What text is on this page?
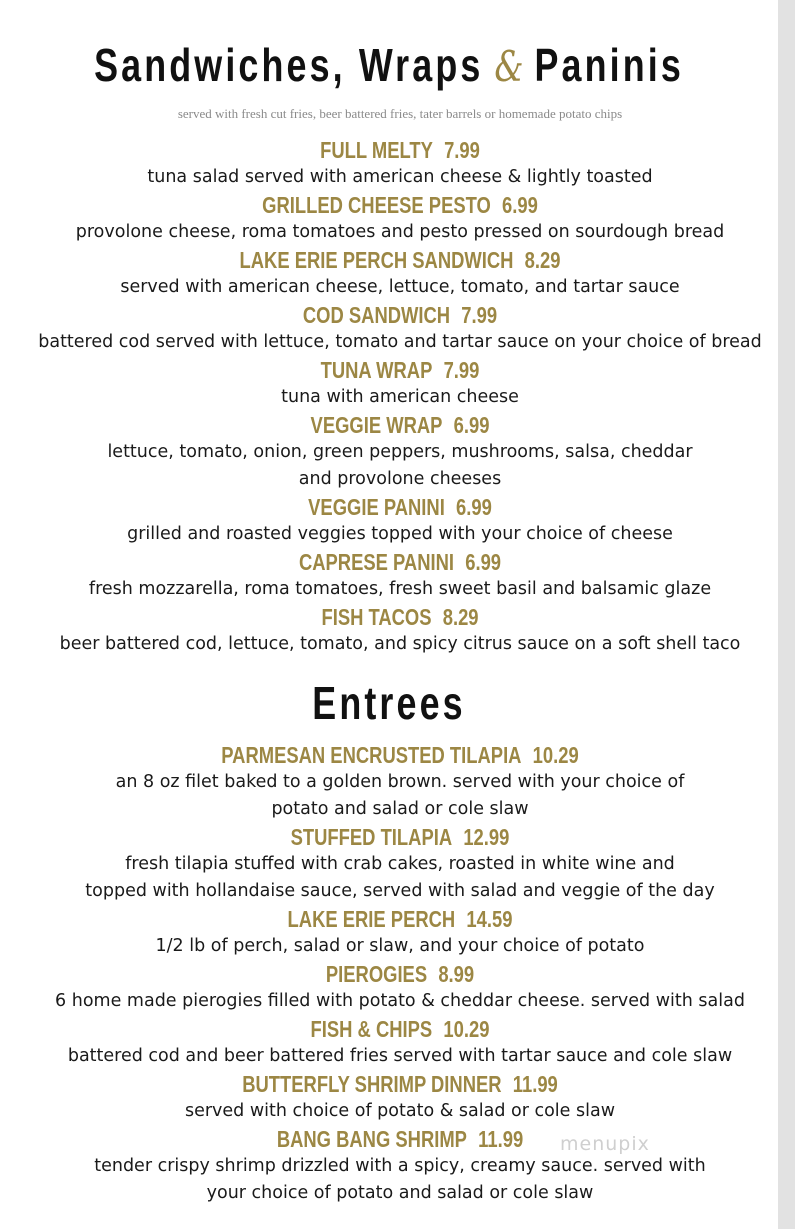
Sandwiches, Wraps & Paninis

served with fresh cut fries, beer battered fries, tater barrels or homemade potato chips

FULL MELTY 7.99

tuna salad served with american cheese & lightly toasted

GRILLED CHEESE PESTO 6.99

provolone cheese, roma tomatoes and pesto pressed on sourdough bread

LAKE ERIE PERCH SANDWICH 8.29

served with american cheese, lettuce, tomato, and tartar sauce

COD SANDWICH 7.99

battered cod served with lettuce, tomato and tartar sauce on your choice of bread

TUNA WRAP 7.99

tuna with american cheese

VEGGIE WRAP 6.99

lettuce, tomato, onion, green peppers, mushrooms, salsa, cheddar
and provolone cheeses

VEGGIE PANINI 6.99

grilled and roasted veggies topped with your choice of cheese

CAPRESE PANINI 6.99

fresh mozzarella, roma tomatoes, fresh sweet basil and balsamic glaze

FISH TACOS 8.29

beer battered cod, lettuce, tomato, and spicy citrus sauce on a soft shell taco

Entrees

PARMESAN ENCRUSTED TILAPIA 10.29

an 8 oz filet baked to a golden brown. served with your choice of
potato and salad or cole slaw

STUFFED TILAPIA 12.99

fresh tilapia stuffed with crab cakes, roasted in white wine and
topped with hollandaise sauce, served with salad and veggie of the day

LAKE ERIE PERCH 14.59

1/2 lb of perch, salad or slaw, and your choice of potato

PIEROGIES 8.99

6 home made pierogies filled with potato & cheddar cheese. served with salad

FISH & CHIPS 10.29

battered cod and beer battered fries served with tartar sauce and cole slaw

BUTTERFLY SHRIMP DINNER 11.99

served with choice of potato & salad or cole slaw

BANG BANG SHRIMP 11.99

tender crispy shrimp drizzled with a spicy, creamy sauce. served with
your choice of potato and salad or cole slaw

menupix
